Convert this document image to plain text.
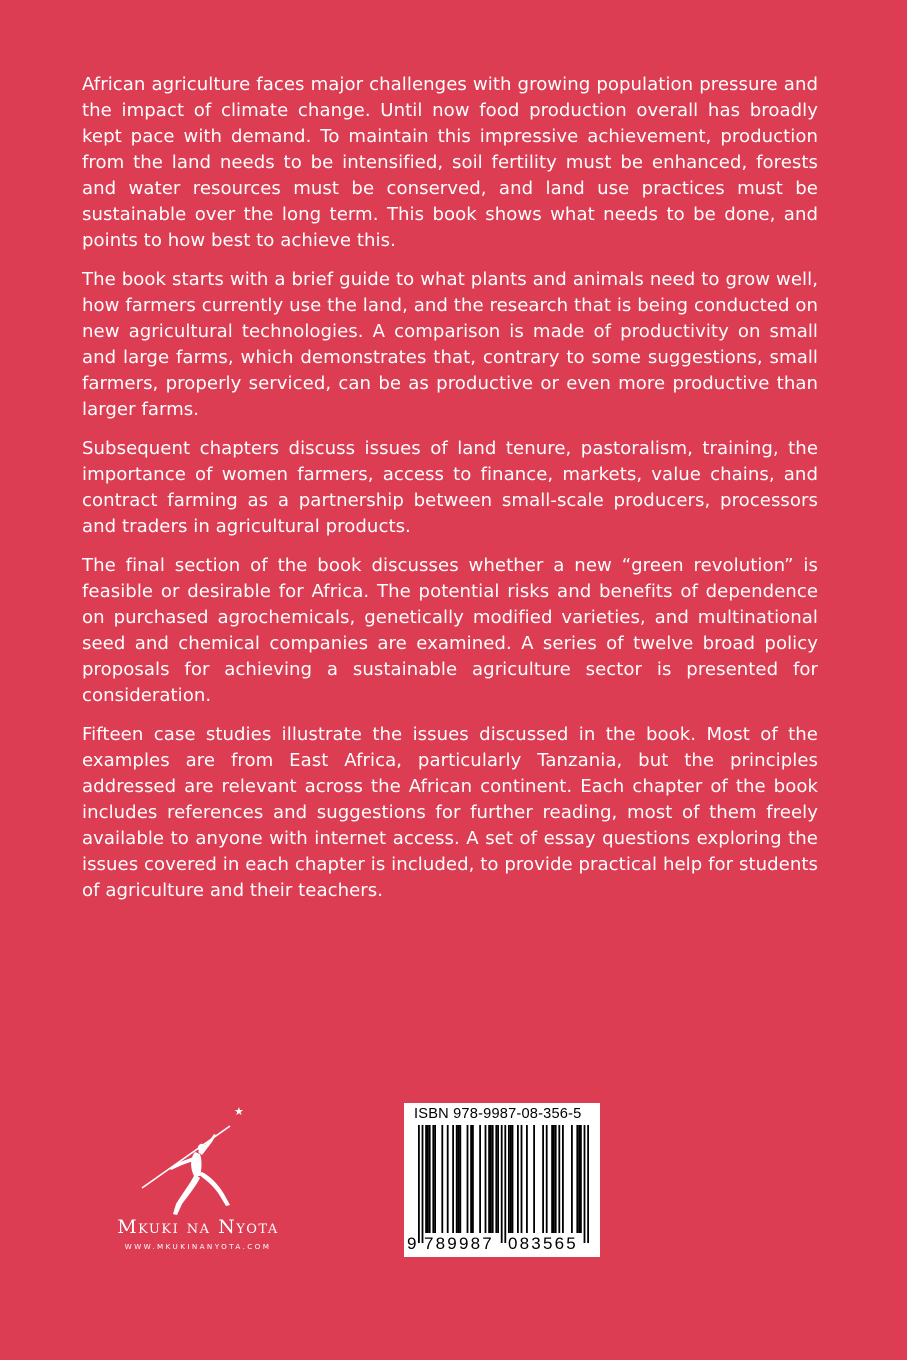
African agriculture faces major challenges with growing population pressure and the impact of climate change. Until now food production overall has broadly kept pace with demand. To maintain this impressive achievement, production from the land needs to be intensified, soil fertility must be enhanced, forests and water resources must be conserved, and land use practices must be sustainable over the long term. This book shows what needs to be done, and points to how best to achieve this.

The book starts with a brief guide to what plants and animals need to grow well, how farmers currently use the land, and the research that is being conducted on new agricultural technologies. A comparison is made of productivity on small and large farms, which demonstrates that, contrary to some suggestions, small farmers, properly serviced, can be as productive or even more productive than larger farms.

Subsequent chapters discuss issues of land tenure, pastoralism, training, the importance of women farmers, access to finance, markets, value chains, and contract farming as a partnership between small-scale producers, processors and traders in agricultural products.

The final section of the book discusses whether a new “green revolution” is feasible or desirable for Africa. The potential risks and benefits of dependence on purchased agrochemicals, genetically modified varieties, and multinational seed and chemical companies are examined. A series of twelve broad policy proposals for achieving a sustainable agriculture sector is presented for consideration.

Fifteen case studies illustrate the issues discussed in the book. Most of the examples are from East Africa, particularly Tanzania, but the principles addressed are relevant across the African continent. Each chapter of the book includes references and suggestions for further reading, most of them freely available to anyone with internet access. A set of essay questions exploring the issues covered in each chapter is included, to provide practical help for students of agriculture and their teachers.

★
Mkuki na Nyota
WWW.MKUKINANYOTA.COM
ISBN 978-9987-08-356-5
9 789987 083565
